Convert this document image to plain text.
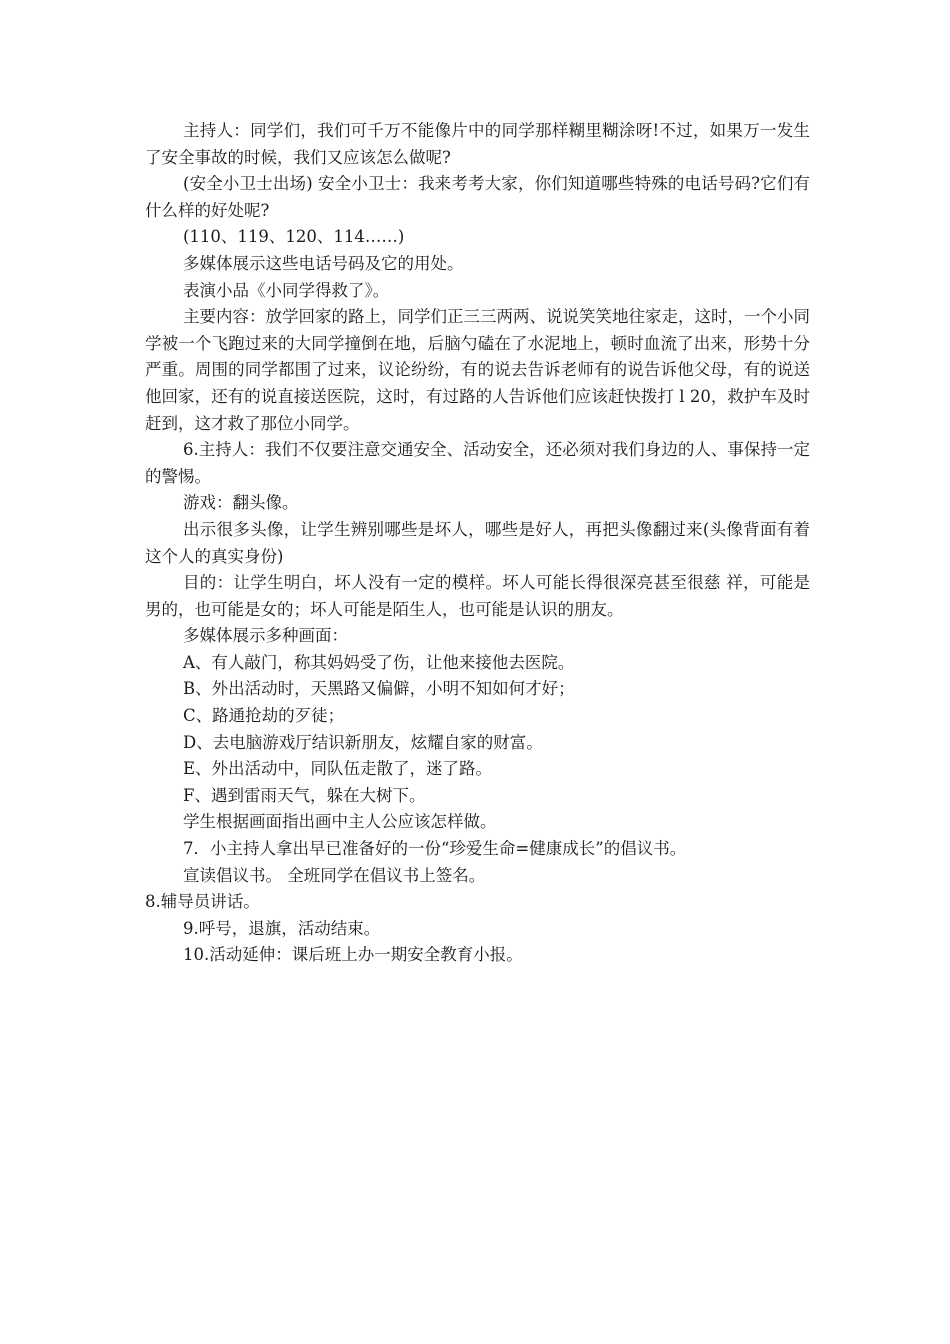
主持人：同学们，我们可千万不能像片中的同学那样糊里糊涂呀!不过，如果万一发生了安全事故的时候，我们又应该怎么做呢?

(安全小卫士出场) 安全小卫士：我来考考大家，你们知道哪些特殊的电话号码?它们有什么样的好处呢?

(110、119、120、114……)

多媒体展示这些电话号码及它的用处。

表演小品《小同学得救了》。

主要内容：放学回家的路上，同学们正三三两两、说说笑笑地往家走，这时，一个小同学被一个飞跑过来的大同学撞倒在地，后脑勺磕在了水泥地上，顿时血流了出来，形势十分严重。周围的同学都围了过来，议论纷纷，有的说去告诉老师有的说告诉他父母，有的说送他回家，还有的说直接送医院，这时，有过路的人告诉他们应该赶快拨打 l 20，救护车及时赶到，这才救了那位小同学。

6.主持人：我们不仅要注意交通安全、活动安全，还必须对我们身边的人、事保持一定的警惕。

游戏：翻头像。

出示很多头像，让学生辨别哪些是坏人，哪些是好人，再把头像翻过来(头像背面有着这个人的真实身份)

目的：让学生明白，坏人没有一定的模样。坏人可能长得很深亮甚至很慈 祥，可能是男的，也可能是女的；坏人可能是陌生人，也可能是认识的朋友。

多媒体展示多种画面：

A、有人敲门，称其妈妈受了伤，让他来接他去医院。

B、外出活动时，天黑路又偏僻，小明不知如何才好；

C、路通抢劫的歹徒；

D、去电脑游戏厅结识新朋友，炫耀自家的财富。

E、外出活动中，同队伍走散了，迷了路。

F、遇到雷雨天气，躲在大树下。

学生根据画面指出画中主人公应该怎样做。

7．小主持人拿出早已准备好的一份“珍爱生命=健康成长”的倡议书。

宣读倡议书。 全班同学在倡议书上签名。

8.辅导员讲话。

9.呼号，退旗，活动结束。

10.活动延伸：课后班上办一期安全教育小报。
